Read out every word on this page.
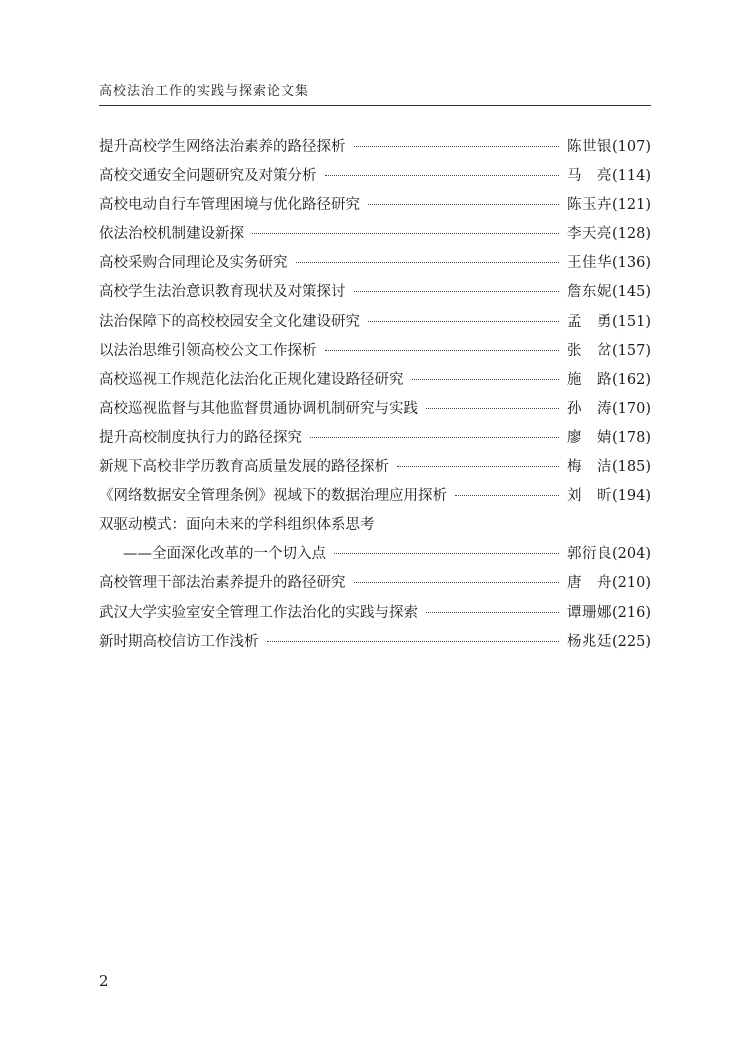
高校法治工作的实践与探索论文集
提升高校学生网络法治素养的路径探析	陈世银 (107)
高校交通安全问题研究及对策分析	马　亮 (114)
高校电动自行车管理困境与优化路径研究	陈玉卉 (121)
依法治校机制建设新探	李天亮 (128)
高校采购合同理论及实务研究	王佳华 (136)
高校学生法治意识教育现状及对策探讨	詹东妮 (145)
法治保障下的高校校园安全文化建设研究	孟　勇 (151)
以法治思维引领高校公文工作探析	张　岔 (157)
高校巡视工作规范化法治化正规化建设路径研究	施　路 (162)
高校巡视监督与其他监督贯通协调机制研究与实践	孙　涛 (170)
提升高校制度执行力的路径探究	廖　婧 (178)
新规下高校非学历教育高质量发展的路径探析	梅　洁 (185)
《网络数据安全管理条例》视域下的数据治理应用探析	刘　昕 (194)
双驱动模式：面向未来的学科组织体系思考
——全面深化改革的一个切入点	郭衍良 (204)
高校管理干部法治素养提升的路径研究	唐　舟 (210)
武汉大学实验室安全管理工作法治化的实践与探索	谭珊娜 (216)
新时期高校信访工作浅析	杨兆廷 (225)
2
